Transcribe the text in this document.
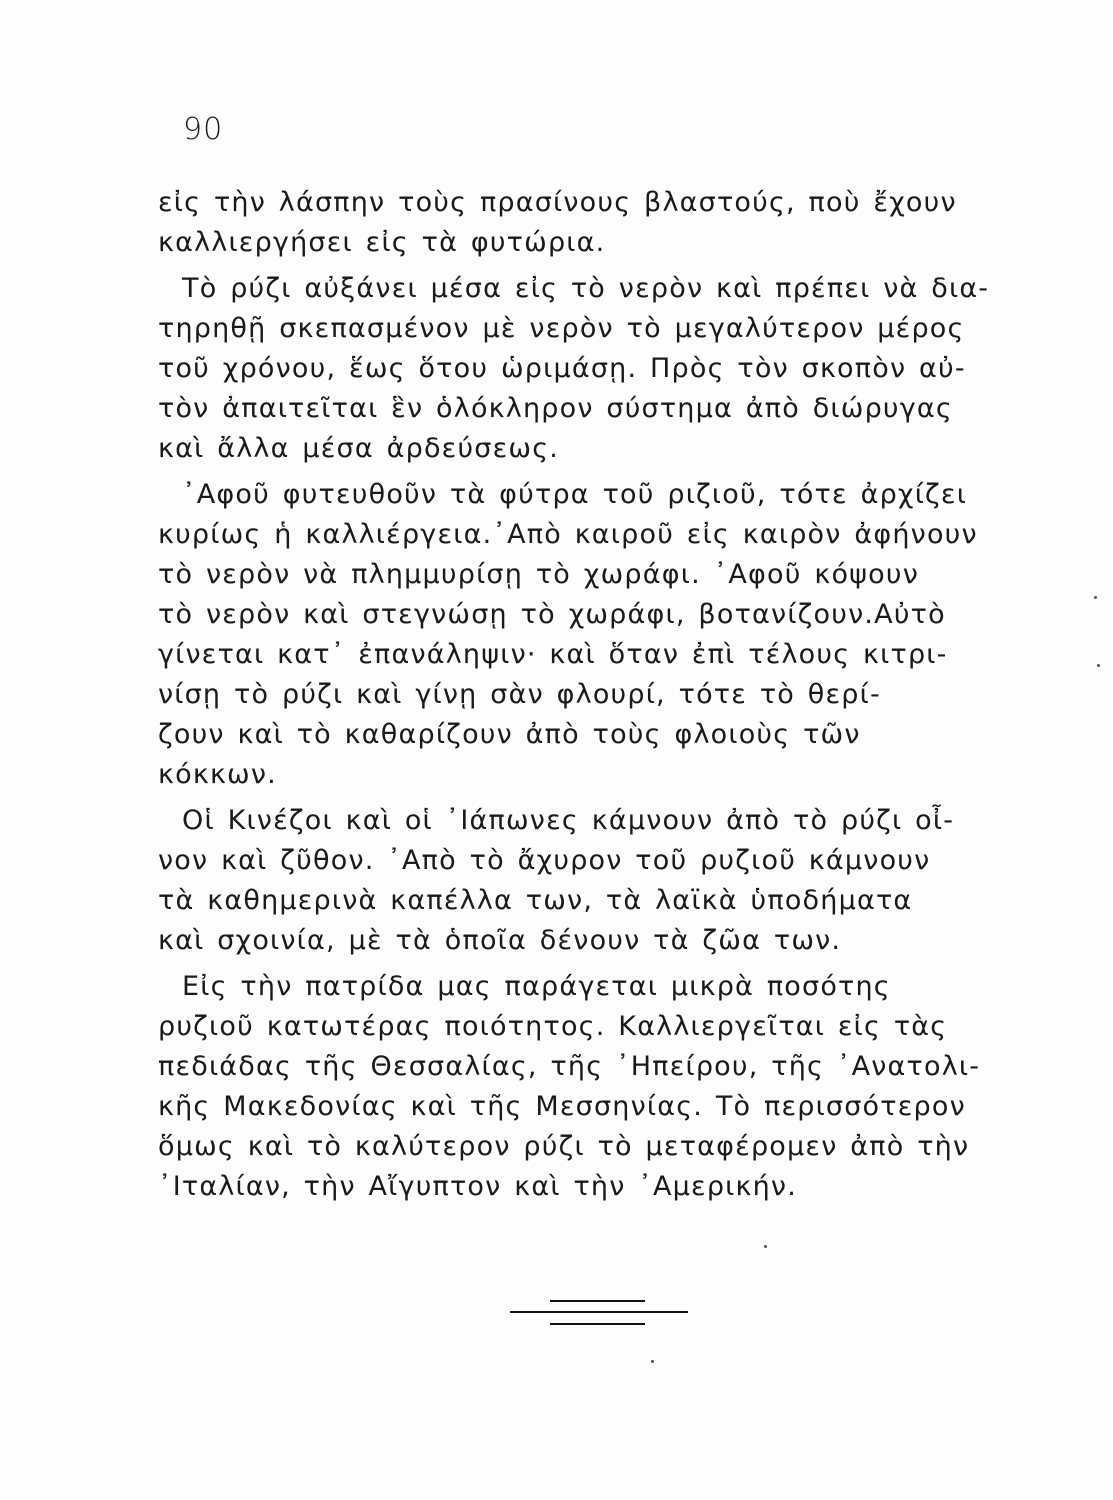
90
εἰς τὴν λάσπην τοὺς πρασίνους βλαστούς, ποὺ ἔχουν
καλλιεργήσει εἰς τὰ φυτώρια.
Τὸ ρύζι αὐξάνει μέσα εἰς τὸ νερὸν καὶ πρέπει νὰ δια-
τηρηθῇ σκεπασμένον μὲ νερὸν τὸ μεγαλύτερον μέρος
τοῦ χρόνου, ἕως ὅτου ὡριμάσῃ. Πρὸς τὸν σκοπὸν αὐ-
τὸν ἀπαιτεῖται ἓν ὁλόκληρον σύστημα ἀπὸ διώρυγας
καὶ ἄλλα μέσα ἀρδεύσεως.
᾿Αφοῦ φυτευθοῦν τὰ φύτρα τοῦ ριζιοῦ, τότε ἀρχίζει
κυρίως ἡ καλλιέργεια.᾿Απὸ καιροῦ εἰς καιρὸν ἀφήνουν
τὸ νερὸν νὰ πλημμυρίσῃ τὸ χωράφι. ᾿Αφοῦ κόψουν
τὸ νερὸν καὶ στεγνώσῃ τὸ χωράφι, βοτανίζουν.Αὐτὸ
γίνεται κατ᾿ ἐπανάληψιν· καὶ ὅταν ἐπὶ τέλους κιτρι-
νίσῃ τὸ ρύζι καὶ γίνῃ σὰν φλουρί, τότε τὸ θερί-
ζουν καὶ τὸ καθαρίζουν ἀπὸ τοὺς φλοιοὺς τῶν
κόκκων.
Οἱ Κινέζοι καὶ οἱ ᾿Ιάπωνες κάμνουν ἀπὸ τὸ ρύζι οἶ-
νον καὶ ζῦθον. ᾿Απὸ τὸ ἄχυρον τοῦ ρυζιοῦ κάμνουν
τὰ καθημερινὰ καπέλλα των, τὰ λαϊκὰ ὑποδήματα
καὶ σχοινία, μὲ τὰ ὁποῖα δένουν τὰ ζῶα των.
Εἰς τὴν πατρίδα μας παράγεται μικρὰ ποσότης
ρυζιοῦ κατωτέρας ποιότητος. Καλλιεργεῖται εἰς τὰς
πεδιάδας τῆς Θεσσαλίας, τῆς ᾿Ηπείρου, τῆς ᾿Ανατολι-
κῆς Μακεδονίας καὶ τῆς Μεσσηνίας. Τὸ περισσότερον
ὅμως καὶ τὸ καλύτερον ρύζι τὸ μεταφέρομεν ἀπὸ τὴν
᾿Ιταλίαν, τὴν Αἴγυπτον καὶ τὴν ᾿Αμερικήν.
